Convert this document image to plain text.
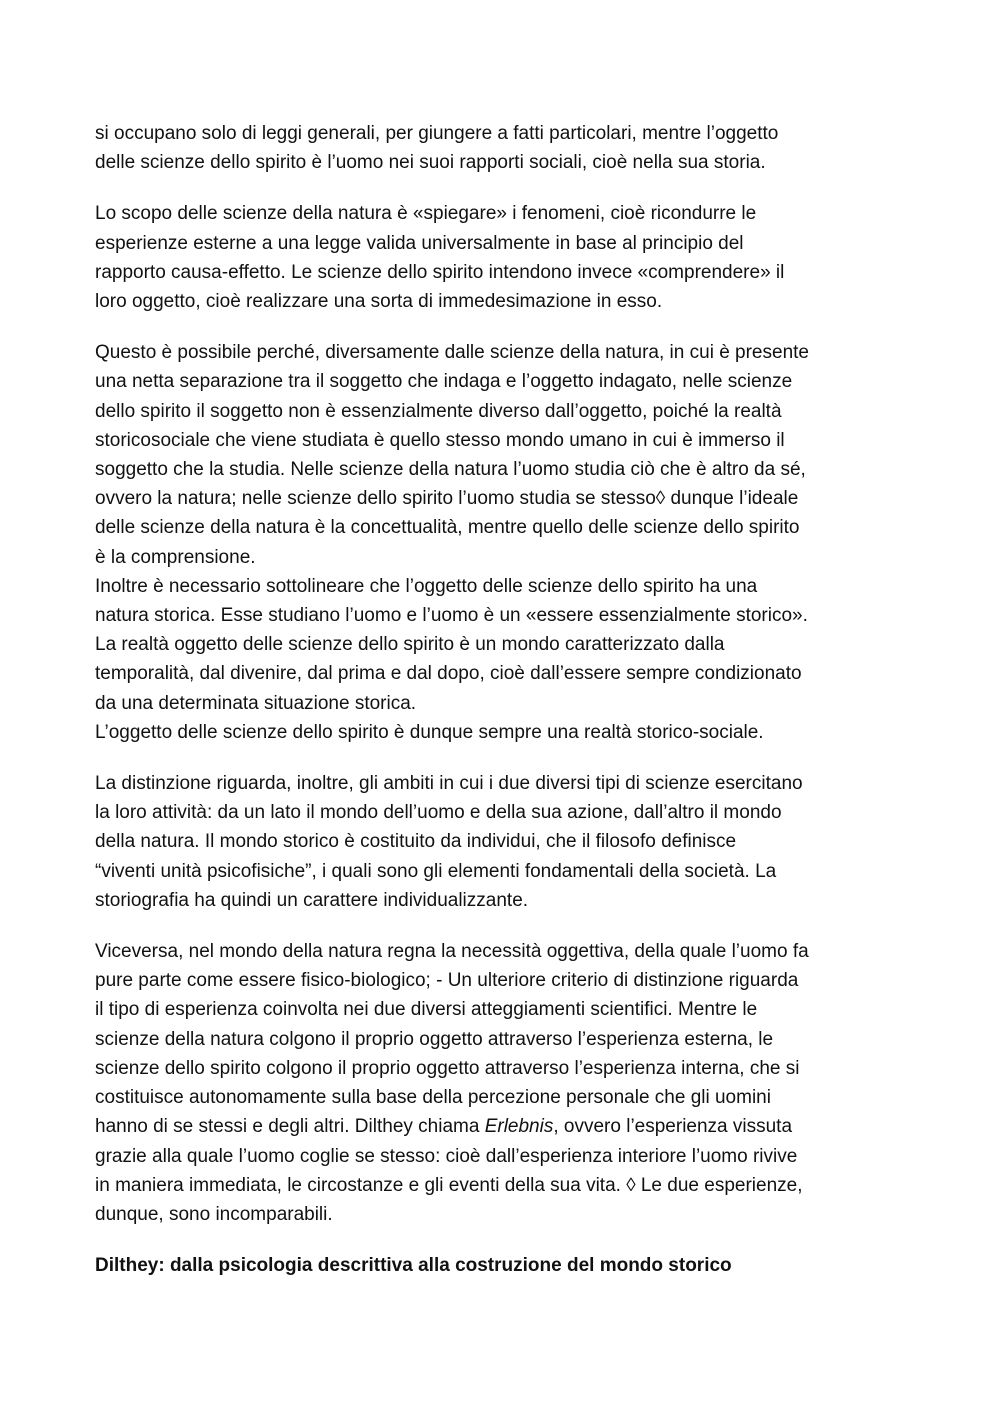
si occupano solo di leggi generali, per giungere a fatti particolari, mentre l’oggetto
delle scienze dello spirito è l’uomo nei suoi rapporti sociali, cioè nella sua storia.

Lo scopo delle scienze della natura è «spiegare» i fenomeni, cioè ricondurre le
esperienze esterne a una legge valida universalmente in base al principio del
rapporto causa-effetto. Le scienze dello spirito intendono invece «comprendere» il
loro oggetto, cioè realizzare una sorta di immedesimazione in esso.

Questo è possibile perché, diversamente dalle scienze della natura, in cui è presente
una netta separazione tra il soggetto che indaga e l’oggetto indagato, nelle scienze
dello spirito il soggetto non è essenzialmente diverso dall’oggetto, poiché la realtà
storicosociale che viene studiata è quello stesso mondo umano in cui è immerso il
soggetto che la studia. Nelle scienze della natura l’uomo studia ciò che è altro da sé,
ovvero la natura; nelle scienze dello spirito l’uomo studia se stesso◊ dunque l’ideale
delle scienze della natura è la concettualità, mentre quello delle scienze dello spirito
è la comprensione.
Inoltre è necessario sottolineare che l’oggetto delle scienze dello spirito ha una
natura storica. Esse studiano l’uomo e l’uomo è un «essere essenzialmente storico».
La realtà oggetto delle scienze dello spirito è un mondo caratterizzato dalla
temporalità, dal divenire, dal prima e dal dopo, cioè dall’essere sempre condizionato
da una determinata situazione storica.
L’oggetto delle scienze dello spirito è dunque sempre una realtà storico-sociale.

La distinzione riguarda, inoltre, gli ambiti in cui i due diversi tipi di scienze esercitano
la loro attività: da un lato il mondo dell’uomo e della sua azione, dall’altro il mondo
della natura. Il mondo storico è costituito da individui, che il filosofo definisce
“viventi unità psicofisiche”, i quali sono gli elementi fondamentali della società. La
storiografia ha quindi un carattere individualizzante.

Viceversa, nel mondo della natura regna la necessità oggettiva, della quale l’uomo fa
pure parte come essere fisico-biologico; - Un ulteriore criterio di distinzione riguarda
il tipo di esperienza coinvolta nei due diversi atteggiamenti scientifici. Mentre le
scienze della natura colgono il proprio oggetto attraverso l’esperienza esterna, le
scienze dello spirito colgono il proprio oggetto attraverso l’esperienza interna, che si
costituisce autonomamente sulla base della percezione personale che gli uomini
hanno di se stessi e degli altri. Dilthey chiama Erlebnis, ovvero l’esperienza vissuta
grazie alla quale l’uomo coglie se stesso: cioè dall’esperienza interiore l’uomo rivive
in maniera immediata, le circostanze e gli eventi della sua vita. ◊ Le due esperienze,
dunque, sono incomparabili.

Dilthey: dalla psicologia descrittiva alla costruzione del mondo storico
